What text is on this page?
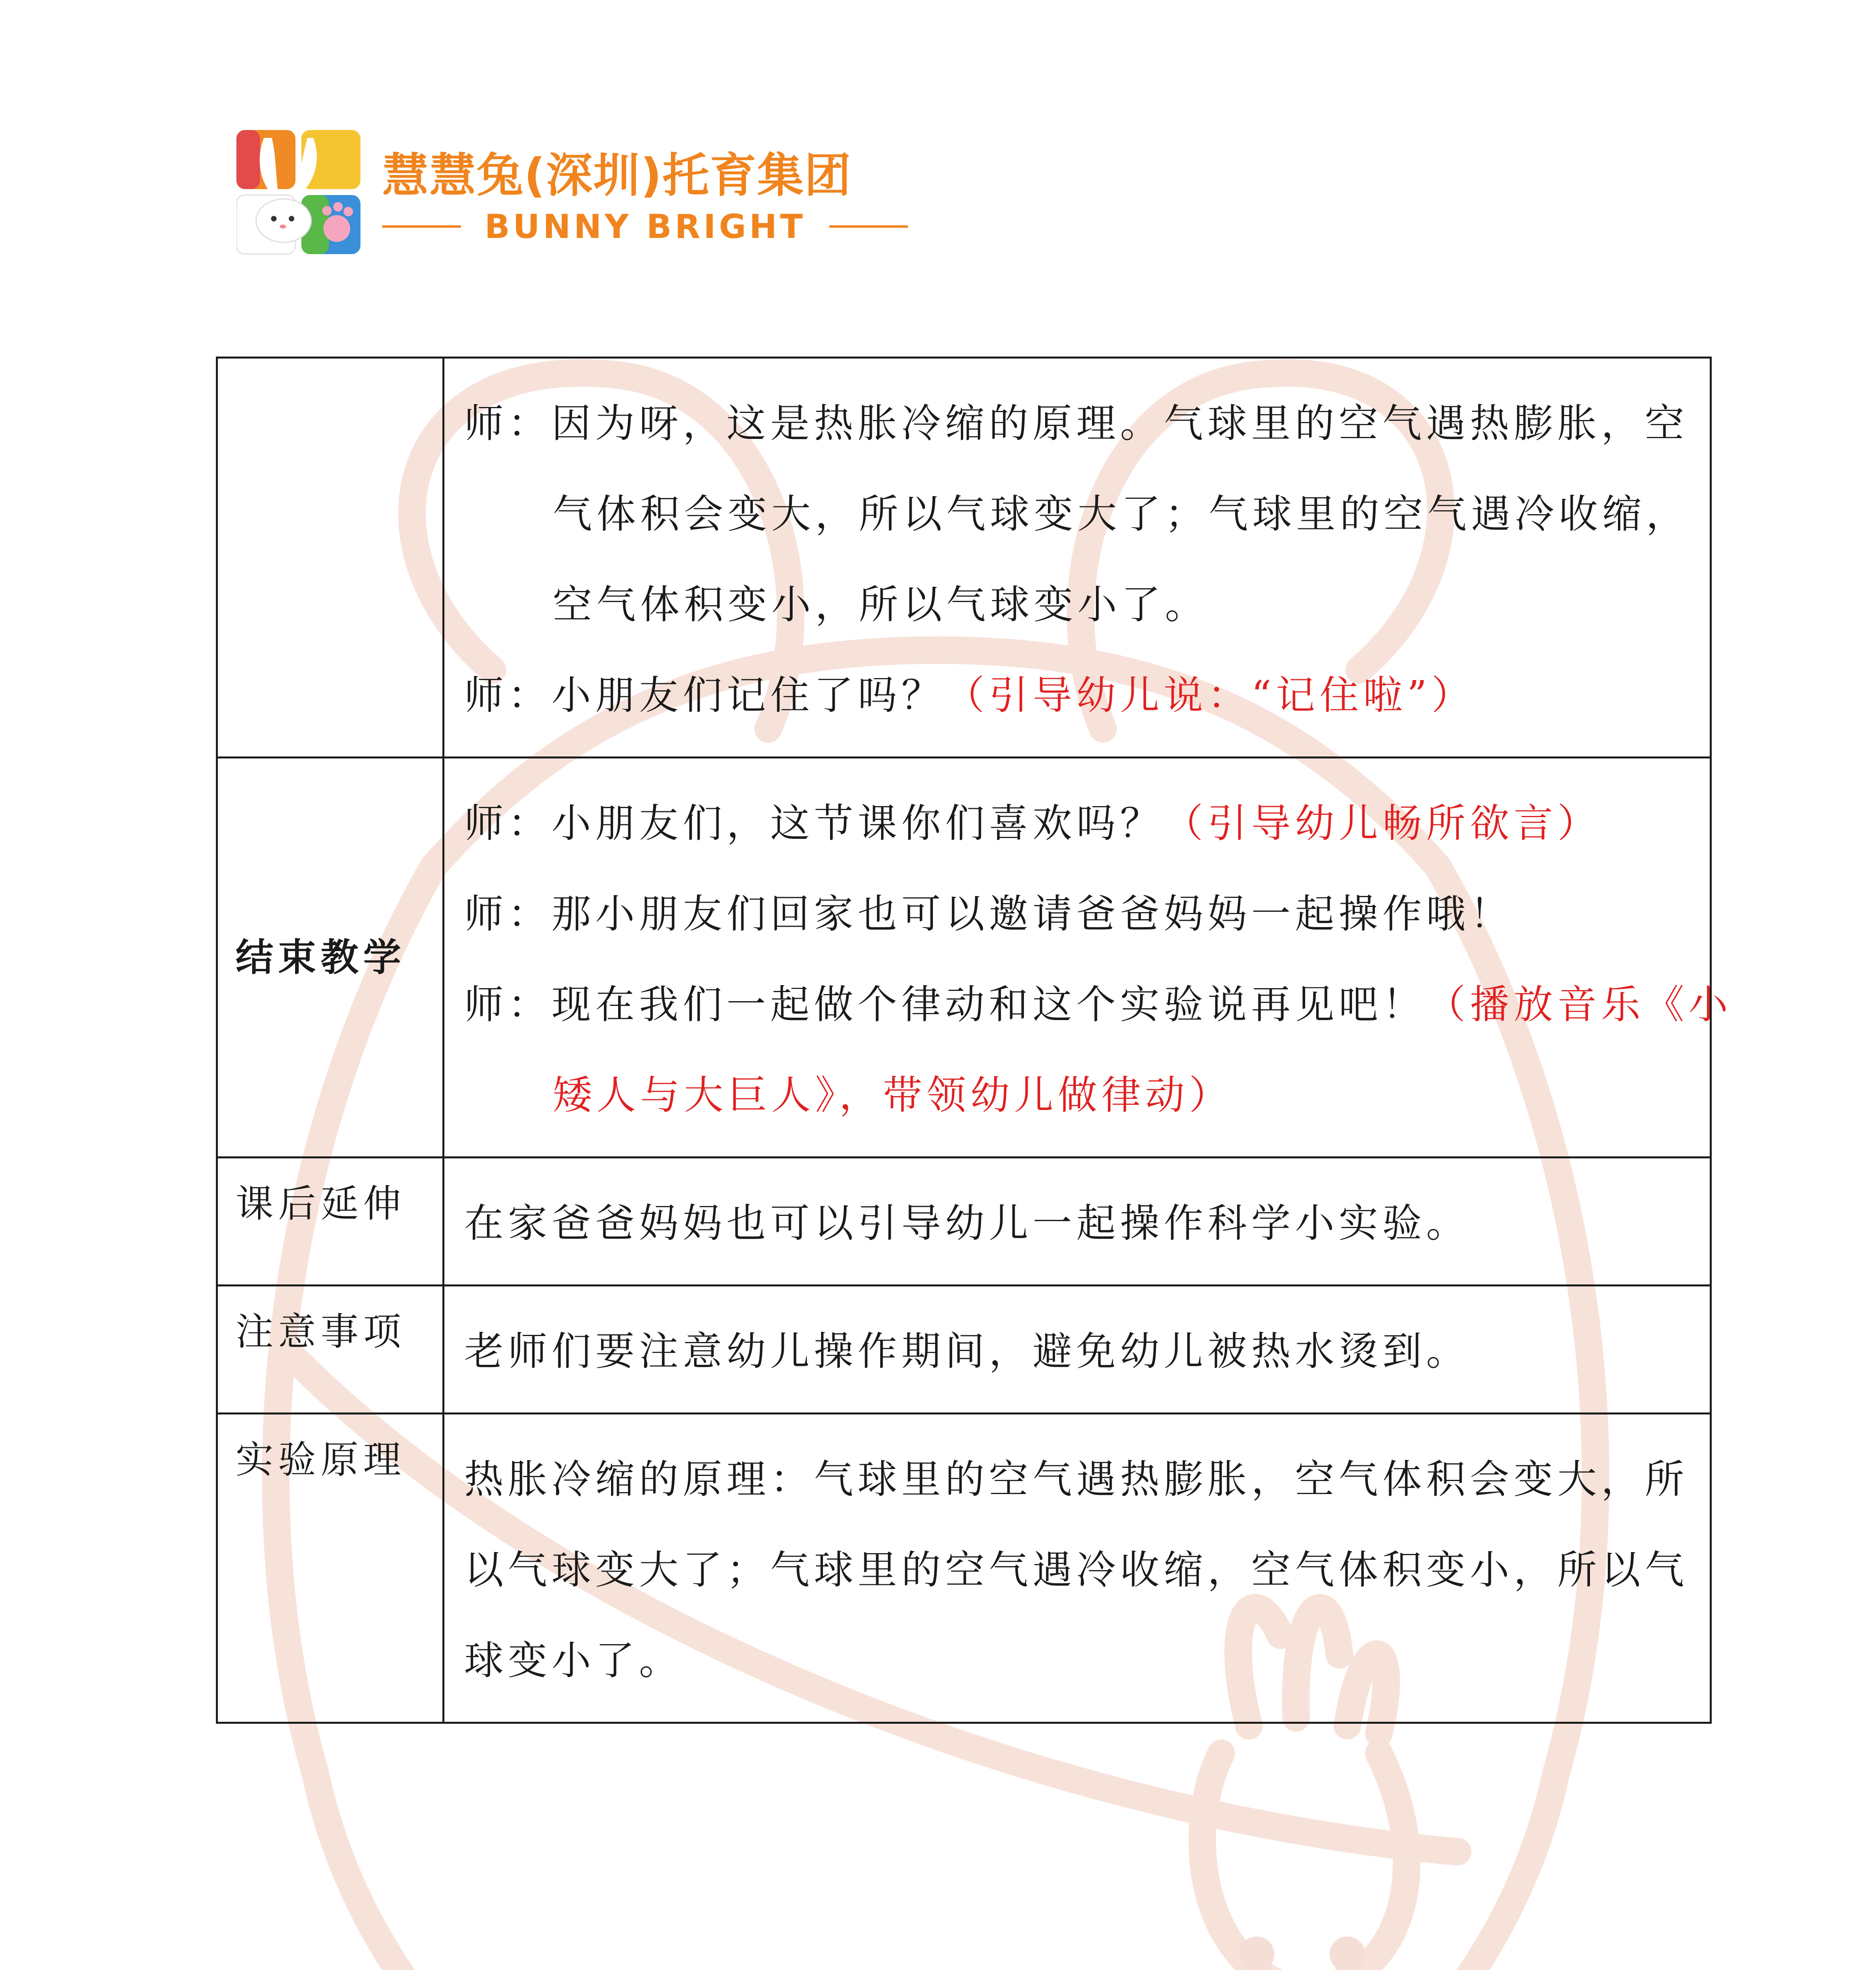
慧慧兔(深圳)托育集团
BUNNY BRIGHT

	师：因为呀，这是热胀冷缩的原理。气球里的空气遇热膨胀，空
气体积会变大，所以气球变大了；气球里的空气遇冷收缩，
空气体积变小，所以气球变小了。
师：小朋友们记住了吗？（引导幼儿说：“记住啦”）

结束教学	师：小朋友们，这节课你们喜欢吗？（引导幼儿畅所欲言）
师：那小朋友们回家也可以邀请爸爸妈妈一起操作哦！
师：现在我们一起做个律动和这个实验说再见吧！（播放音乐《小
矮人与大巨人》，带领幼儿做律动）

课后延伸	在家爸爸妈妈也可以引导幼儿一起操作科学小实验。

注意事项	老师们要注意幼儿操作期间，避免幼儿被热水烫到。

实验原理	热胀冷缩的原理：气球里的空气遇热膨胀，空气体积会变大，所
以气球变大了；气球里的空气遇冷收缩，空气体积变小，所以气
球变小了。
